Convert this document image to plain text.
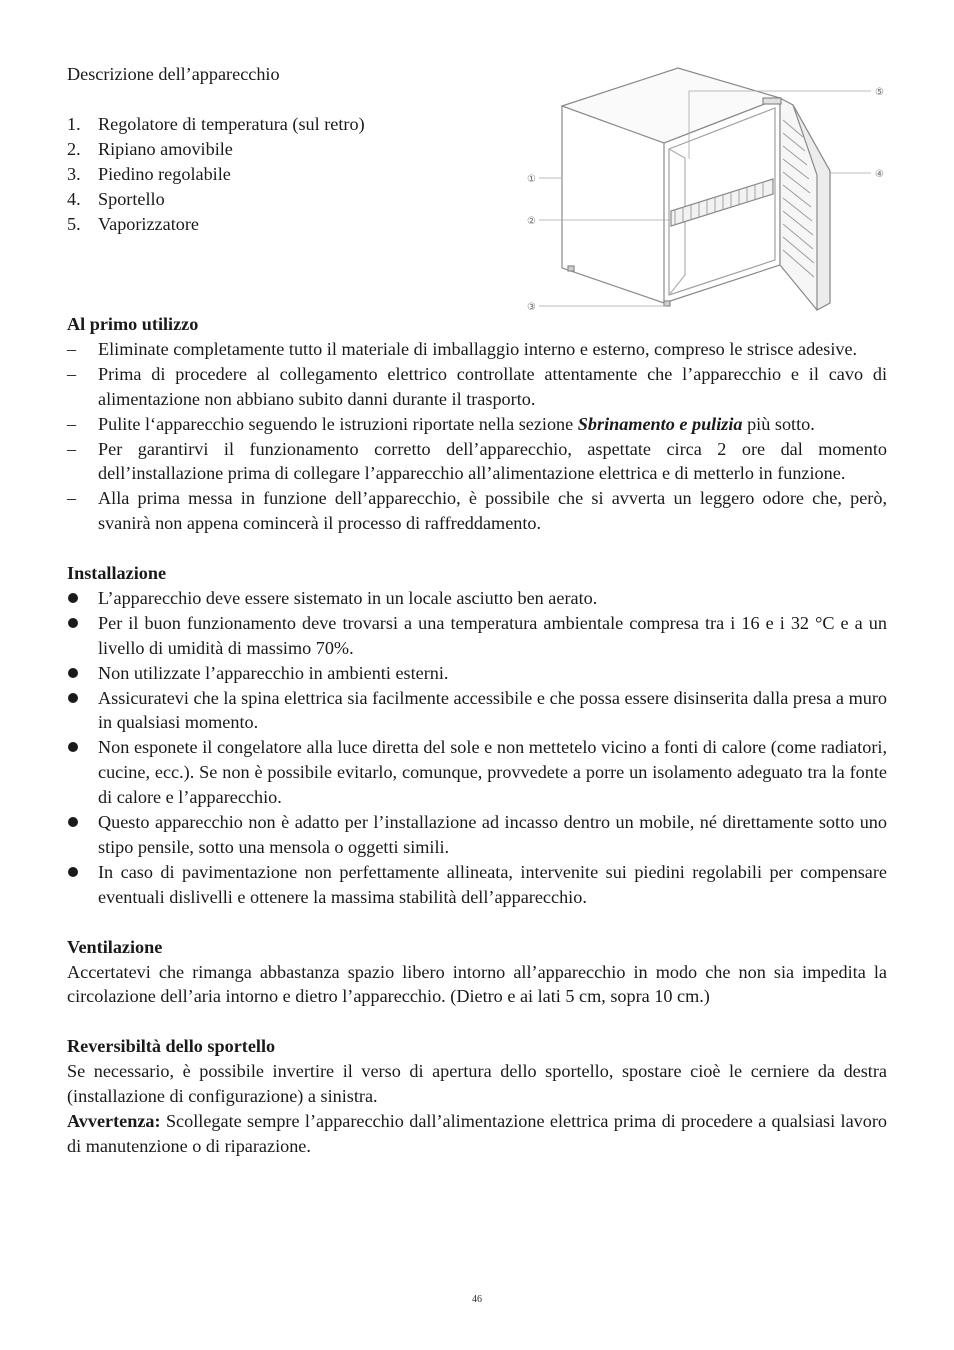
Descrizione dell’apparecchio

1. Regolatore di temperatura (sul retro)
2. Ripiano amovibile
3. Piedino regolabile
4. Sportello
5. Vaporizzatore
①
②
③
④
⑤
Al primo utilizzo
–	Eliminate completamente tutto il materiale di imballaggio interno e esterno, compreso le strisce adesive.
–	Prima di procedere al collegamento elettrico controllate attentamente che l’apparecchio e il cavo di alimentazione non abbiano subito danni durante il trasporto.
–	Pulite l‘apparecchio seguendo le istruzioni riportate nella sezione Sbrinamento e pulizia più sotto.
–	Per garantirvi il funzionamento corretto dell’apparecchio, aspettate circa 2 ore dal momento dell’installazione prima di collegare l’apparecchio all’alimentazione elettrica e di metterlo in funzione.
–	Alla prima messa in funzione dell’apparecchio, è possibile che si avverta un leggero odore che, però, svanirà non appena comincerà il processo di raffreddamento.
Installazione
L’apparecchio deve essere sistemato in un locale asciutto ben aerato.
Per il buon funzionamento deve trovarsi a una temperatura ambientale compresa tra i 16 e i 32 °C e a un livello di umidità di massimo 70%.
Non utilizzate l’apparecchio in ambienti esterni.
Assicuratevi che la spina elettrica sia facilmente accessibile e che possa essere disinserita dalla presa a muro in qualsiasi momento.
Non esponete il congelatore alla luce diretta del sole e non mettetelo vicino a fonti di calore (come radiatori, cucine, ecc.). Se non è possibile evitarlo, comunque, provvedete a porre un isolamento adeguato tra la fonte di calore e l’apparecchio.
Questo apparecchio non è adatto per l’installazione ad incasso dentro un mobile, né direttamente sotto uno stipo pensile, sotto una mensola o oggetti simili.
In caso di pavimentazione non perfettamente allineata, intervenite sui piedini regolabili per compensare eventuali dislivelli e ottenere la massima stabilità dell’apparecchio.
Ventilazione

Accertatevi che rimanga abbastanza spazio libero intorno all’apparecchio in modo che non sia impedita la circolazione dell’aria intorno e dietro l’apparecchio. (Dietro e ai lati 5 cm, sopra 10 cm.)

Reversibiltà dello sportello

Se necessario, è possibile invertire il verso di apertura dello sportello, spostare cioè le cerniere da destra (installazione di configurazione) a sinistra.

Avvertenza: Scollegate sempre l’apparecchio dall’alimentazione elettrica prima di procedere a qualsiasi lavoro di manutenzione o di riparazione.

46
